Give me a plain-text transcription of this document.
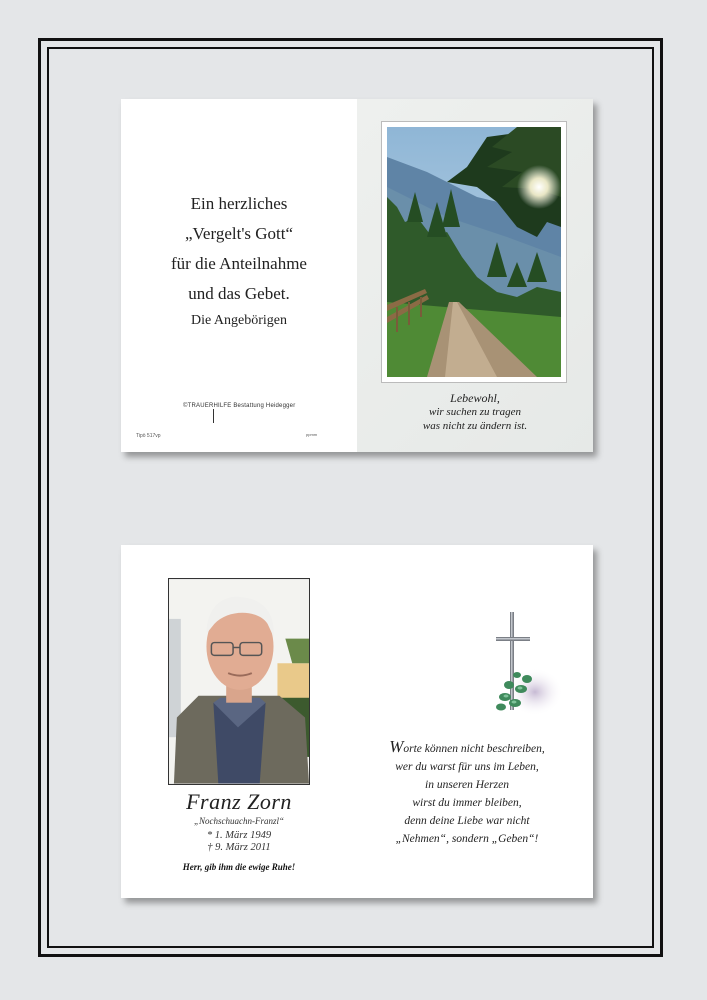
Ein herzliches
„Vergelt's Gott“
für die Anteilnahme
und das Gebet.
Die Angebörigen
©TRAUERHILFE Bestattung Heidegger
Tipö 517vp	ppmm
Lebewohl,
wir suchen zu tragen
was nicht zu ändern ist.
Franz Zorn
„Nochschuachn-Franzl“
* 1. März 1949
† 9. März 2011
Herr, gib ihm die ewige Ruhe!
Worte können nicht beschreiben,
wer du warst für uns im Leben,
in unseren Herzen
wirst du immer bleiben,
denn deine Liebe war nicht
„Nehmen“, sondern „Geben“!
